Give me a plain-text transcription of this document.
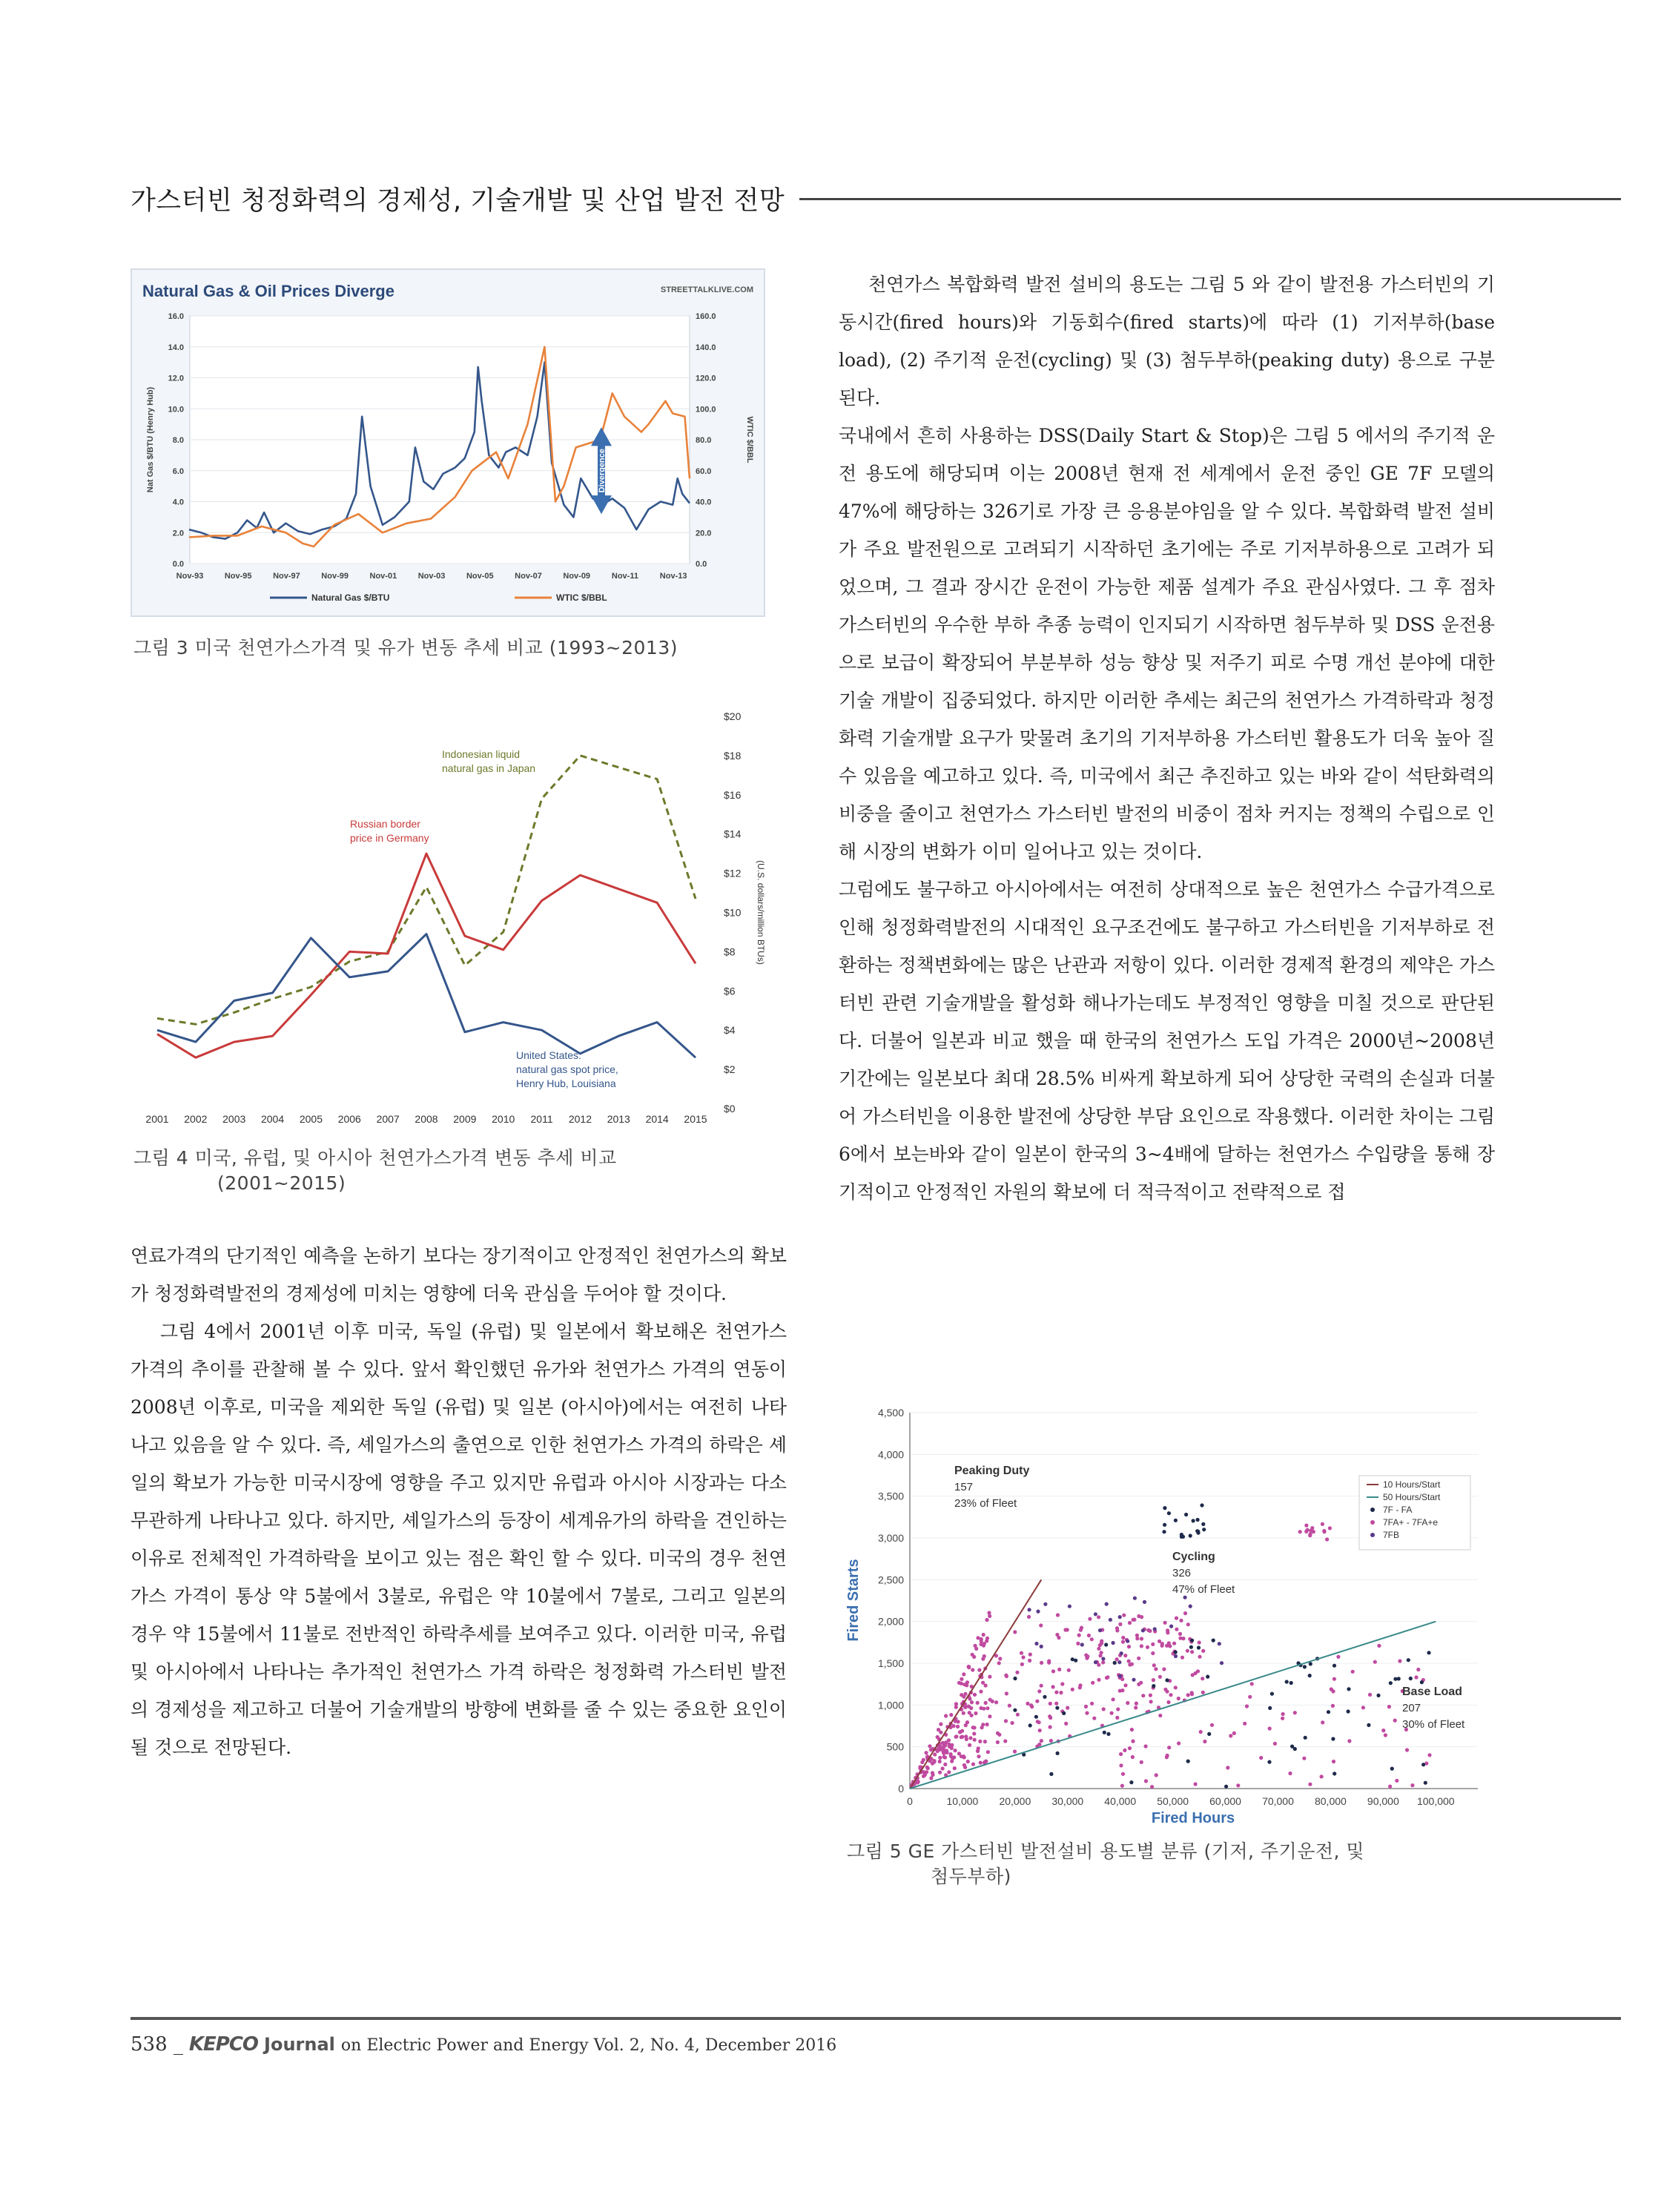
가스터빈 청정화력의 경제성, 기술개발 및 산업 발전 전망
Natural Gas & Oil Prices Diverge	STREETTALKLIVE.COM
0.0
2.0
4.0
6.0
8.0
10.0
12.0
14.0
16.0
0.0
20.0
40.0
60.0
80.0
100.0
120.0
140.0
160.0
Nov-93	Nov-95	Nov-97	Nov-99	Nov-01	Nov-03	Nov-05	Nov-07	Nov-09	Nov-11	Nov-13
Nat Gas $/BTU (Henry Hub)	WTIC $/BBL
Divergence
Natural Gas $/BTU	WTIC $/BBL
그림 3 미국 천연가스가격 및 유가 변동 추세 비교 (1993~2013)
$0
$2
$4
$6
$8
$10
$12
$14
$16
$18
$20
(U.S. dollars/million BTUs)
2001 2002 2003 2004 2005 2006 2007 2008 2009 2010 2011 2012 2013 2014 2015
Indonesian liquid
natural gas in Japan
Russian border
price in Germany
United States:
natural gas spot price,
Henry Hub, Louisiana
그림 4 미국, 유럽, 및 아시아 천연가스가격 변동 추세 비교
(2001~2015)

연료가격의 단기적인 예측을 논하기 보다는 장기적이고 안정적인 천연가스의 확보가 청정화력발전의 경제성에 미치는 영향에 더욱 관심을 두어야 할 것이다.

그림 4에서 2001년 이후 미국, 독일 (유럽) 및 일본에서 확보해온 천연가스 가격의 추이를 관찰해 볼 수 있다. 앞서 확인했던 유가와 천연가스 가격의 연동이 2008년 이후로, 미국을 제외한 독일 (유럽) 및 일본 (아시아)에서는 여전히 나타나고 있음을 알 수 있다. 즉, 셰일가스의 출연으로 인한 천연가스 가격의 하락은 셰일의 확보가 가능한 미국시장에 영향을 주고 있지만 유럽과 아시아 시장과는 다소 무관하게 나타나고 있다. 하지만, 셰일가스의 등장이 세계유가의 하락을 견인하는 이유로 전체적인 가격하락을 보이고 있는 점은 확인 할 수 있다. 미국의 경우 천연가스 가격이 통상 약 5불에서 3불로, 유럽은 약 10불에서 7불로, 그리고 일본의 경우 약 15불에서 11불로 전반적인 하락추세를 보여주고 있다. 이러한 미국, 유럽 및 아시아에서 나타나는 추가적인 천연가스 가격 하락은 청정화력 가스터빈 발전의 경제성을 제고하고 더불어 기술개발의 방향에 변화를 줄 수 있는 중요한 요인이 될 것으로 전망된다.

천연가스 복합화력 발전 설비의 용도는 그림 5 와 같이 발전용 가스터빈의 기동시간(fired hours)와 기동회수(fired starts)에 따라 (1) 기저부하(base load), (2) 주기적 운전(cycling) 및 (3) 첨두부하(peaking duty) 용으로 구분된다.

국내에서 흔히 사용하는 DSS(Daily Start & Stop)은 그림 5 에서의 주기적 운전 용도에 해당되며 이는 2008년 현재 전 세계에서 운전 중인 GE 7F 모델의 47%에 해당하는 326기로 가장 큰 응용분야임을 알 수 있다. 복합화력 발전 설비가 주요 발전원으로 고려되기 시작하던 초기에는 주로 기저부하용으로 고려가 되었으며, 그 결과 장시간 운전이 가능한 제품 설계가 주요 관심사였다. 그 후 점차 가스터빈의 우수한 부하 추종 능력이 인지되기 시작하면 첨두부하 및 DSS 운전용으로 보급이 확장되어 부분부하 성능 향상 및 저주기 피로 수명 개선 분야에 대한 기술 개발이 집중되었다. 하지만 이러한 추세는 최근의 천연가스 가격하락과 청정화력 기술개발 요구가 맞물려 초기의 기저부하용 가스터빈 활용도가 더욱 높아 질 수 있음을 예고하고 있다. 즉, 미국에서 최근 추진하고 있는 바와 같이 석탄화력의 비중을 줄이고 천연가스 가스터빈 발전의 비중이 점차 커지는 정책의 수립으로 인해 시장의 변화가 이미 일어나고 있는 것이다.

그럼에도 불구하고 아시아에서는 여전히 상대적으로 높은 천연가스 수급가격으로 인해 청정화력발전의 시대적인 요구조건에도 불구하고 가스터빈을 기저부하로 전환하는 정책변화에는 많은 난관과 저항이 있다. 이러한 경제적 환경의 제약은 가스터빈 관련 기술개발을 활성화 해나가는데도 부정적인 영향을 미칠 것으로 판단된다. 더불어 일본과 비교 했을 때 한국의 천연가스 도입 가격은 2000년~2008년 기간에는 일본보다 최대 28.5% 비싸게 확보하게 되어 상당한 국력의 손실과 더불어 가스터빈을 이용한 발전에 상당한 부담 요인으로 작용했다. 이러한 차이는 그림 6에서 보는바와 같이 일본이 한국의 3~4배에 달하는 천연가스 수입량을 통해 장기적이고 안정적인 자원의 확보에 더 적극적이고 전략적으로 접

0
500
1,000
1,500
2,000
2,500
3,000
3,500
4,000
4,500
0	10,000 20,000 30,000 40,000 50,000 60,000 70,000 80,000 90,000 100,000
Fired Hours
Fired Starts
Peaking Duty
157
23% of Fleet
Cycling
326
47% of Fleet
Base Load
207
30% of Fleet
10 Hours/Start
50 Hours/Start
7F - FA
7FA+ - 7FA+e
7FB
그림 5 GE 가스터빈 발전설비 용도별 분류 (기저, 주기운전, 및
첨두부하)
538 _ KEPCO Journal on Electric Power and Energy Vol. 2, No. 4, December 2016
